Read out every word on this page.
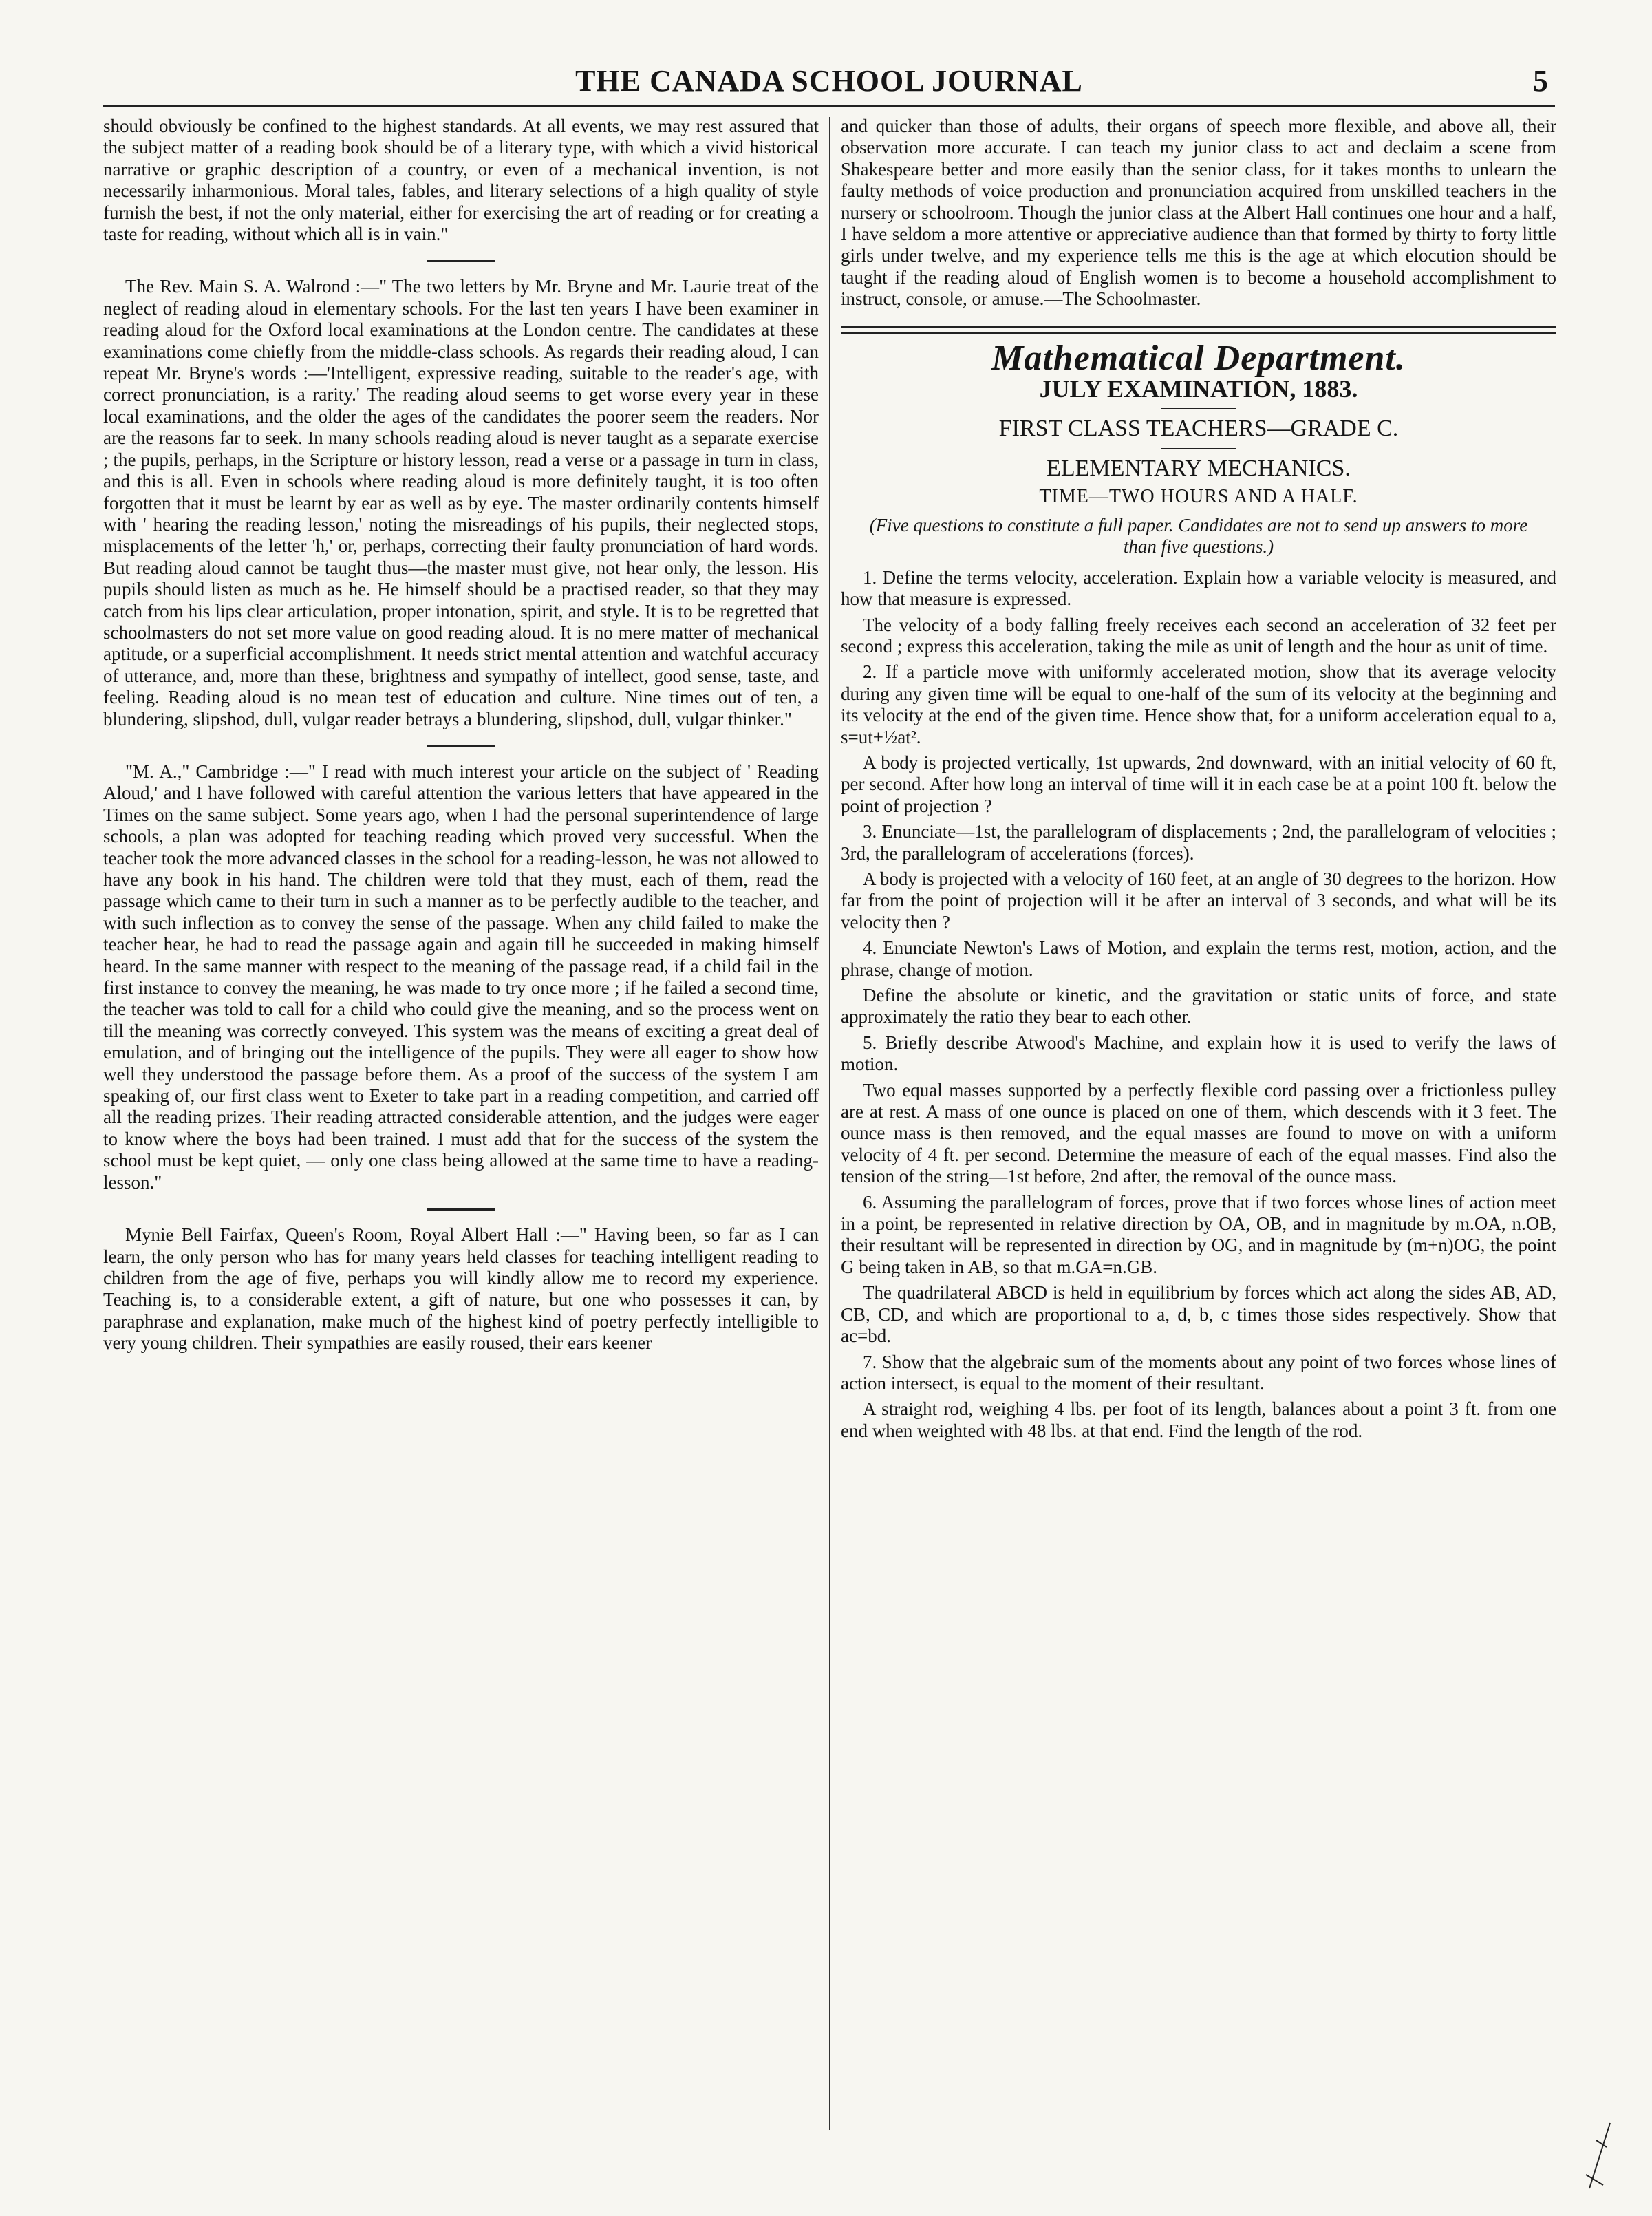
THE CANADA SCHOOL JOURNAL	5

should obviously be confined to the highest standards. At all events, we may rest assured that the subject matter of a reading book should be of a literary type, with which a vivid historical narrative or graphic description of a country, or even of a mechanical invention, is not necessarily inharmonious. Moral tales, fables, and literary selections of a high quality of style furnish the best, if not the only material, either for exercising the art of reading or for creating a taste for reading, without which all is in vain."

The Rev. Main S. A. Walrond :—" The two letters by Mr. Bryne and Mr. Laurie treat of the neglect of reading aloud in elementary schools. For the last ten years I have been examiner in reading aloud for the Oxford local examinations at the London centre. The candidates at these examinations come chiefly from the middle-class schools. As regards their reading aloud, I can repeat Mr. Bryne's words :—'Intelligent, expressive reading, suitable to the reader's age, with correct pronunciation, is a rarity.' The reading aloud seems to get worse every year in these local examinations, and the older the ages of the candidates the poorer seem the readers. Nor are the reasons far to seek. In many schools reading aloud is never taught as a separate exercise ; the pupils, perhaps, in the Scripture or history lesson, read a verse or a passage in turn in class, and this is all. Even in schools where reading aloud is more definitely taught, it is too often forgotten that it must be learnt by ear as well as by eye. The master ordinarily contents himself with ' hearing the reading lesson,' noting the misreadings of his pupils, their neglected stops, misplacements of the letter 'h,' or, perhaps, correcting their faulty pronunciation of hard words. But reading aloud cannot be taught thus—the master must give, not hear only, the lesson. His pupils should listen as much as he. He himself should be a practised reader, so that they may catch from his lips clear articulation, proper intonation, spirit, and style. It is to be regretted that schoolmasters do not set more value on good reading aloud. It is no mere matter of mechanical aptitude, or a superficial accomplishment. It needs strict mental attention and watchful accuracy of utterance, and, more than these, brightness and sympathy of intellect, good sense, taste, and feeling. Reading aloud is no mean test of education and culture. Nine times out of ten, a blundering, slipshod, dull, vulgar reader betrays a blundering, slipshod, dull, vulgar thinker."

"M. A.," Cambridge :—" I read with much interest your article on the subject of ' Reading Aloud,' and I have followed with careful attention the various letters that have appeared in the Times on the same subject. Some years ago, when I had the personal superintendence of large schools, a plan was adopted for teaching reading which proved very successful. When the teacher took the more advanced classes in the school for a reading-lesson, he was not allowed to have any book in his hand. The children were told that they must, each of them, read the passage which came to their turn in such a manner as to be perfectly audible to the teacher, and with such inflection as to convey the sense of the passage. When any child failed to make the teacher hear, he had to read the passage again and again till he succeeded in making himself heard. In the same manner with respect to the meaning of the passage read, if a child fail in the first instance to convey the meaning, he was made to try once more ; if he failed a second time, the teacher was told to call for a child who could give the meaning, and so the process went on till the meaning was correctly conveyed. This system was the means of exciting a great deal of emulation, and of bringing out the intelligence of the pupils. They were all eager to show how well they understood the passage before them. As a proof of the success of the system I am speaking of, our first class went to Exeter to take part in a reading competition, and carried off all the reading prizes. Their reading attracted considerable attention, and the judges were eager to know where the boys had been trained. I must add that for the success of the system the school must be kept quiet, — only one class being allowed at the same time to have a reading-lesson."

Mynie Bell Fairfax, Queen's Room, Royal Albert Hall :—" Having been, so far as I can learn, the only person who has for many years held classes for teaching intelligent reading to children from the age of five, perhaps you will kindly allow me to record my experience. Teaching is, to a considerable extent, a gift of nature, but one who possesses it can, by paraphrase and explanation, make much of the highest kind of poetry perfectly intelligible to very young children. Their sympathies are easily roused, their ears keener

and quicker than those of adults, their organs of speech more flexible, and above all, their observation more accurate. I can teach my junior class to act and declaim a scene from Shakespeare better and more easily than the senior class, for it takes months to unlearn the faulty methods of voice production and pronunciation acquired from unskilled teachers in the nursery or schoolroom. Though the junior class at the Albert Hall continues one hour and a half, I have seldom a more attentive or appreciative audience than that formed by thirty to forty little girls under twelve, and my experience tells me this is the age at which elocution should be taught if the reading aloud of English women is to become a household accomplishment to instruct, console, or amuse.—The Schoolmaster.

Mathematical Department.
JULY EXAMINATION, 1883.
FIRST CLASS TEACHERS—GRADE C.
ELEMENTARY MECHANICS.
TIME—TWO HOURS AND A HALF.
(Five questions to constitute a full paper. Candidates are not to send up answers to more than five questions.)

1. Define the terms velocity, acceleration. Explain how a variable velocity is measured, and how that measure is expressed.

The velocity of a body falling freely receives each second an acceleration of 32 feet per second ; express this acceleration, taking the mile as unit of length and the hour as unit of time.

2. If a particle move with uniformly accelerated motion, show that its average velocity during any given time will be equal to one-half of the sum of its velocity at the beginning and its velocity at the end of the given time. Hence show that, for a uniform acceleration equal to a, s=ut+½at².

A body is projected vertically, 1st upwards, 2nd downward, with an initial velocity of 60 ft, per second. After how long an interval of time will it in each case be at a point 100 ft. below the point of projection ?

3. Enunciate—1st, the parallelogram of displacements ; 2nd, the parallelogram of velocities ; 3rd, the parallelogram of accelerations (forces).

A body is projected with a velocity of 160 feet, at an angle of 30 degrees to the horizon. How far from the point of projection will it be after an interval of 3 seconds, and what will be its velocity then ?

4. Enunciate Newton's Laws of Motion, and explain the terms rest, motion, action, and the phrase, change of motion.

Define the absolute or kinetic, and the gravitation or static units of force, and state approximately the ratio they bear to each other.

5. Briefly describe Atwood's Machine, and explain how it is used to verify the laws of motion.

Two equal masses supported by a perfectly flexible cord passing over a frictionless pulley are at rest. A mass of one ounce is placed on one of them, which descends with it 3 feet. The ounce mass is then removed, and the equal masses are found to move on with a uniform velocity of 4 ft. per second. Determine the measure of each of the equal masses. Find also the tension of the string—1st before, 2nd after, the removal of the ounce mass.

6. Assuming the parallelogram of forces, prove that if two forces whose lines of action meet in a point, be represented in relative direction by OA, OB, and in magnitude by m.OA, n.OB, their resultant will be represented in direction by OG, and in magnitude by (m+n)OG, the point G being taken in AB, so that m.GA=n.GB.

The quadrilateral ABCD is held in equilibrium by forces which act along the sides AB, AD, CB, CD, and which are proportional to a, d, b, c times those sides respectively. Show that ac=bd.

7. Show that the algebraic sum of the moments about any point of two forces whose lines of action intersect, is equal to the moment of their resultant.

A straight rod, weighing 4 lbs. per foot of its length, balances about a point 3 ft. from one end when weighted with 48 lbs. at that end. Find the length of the rod.
